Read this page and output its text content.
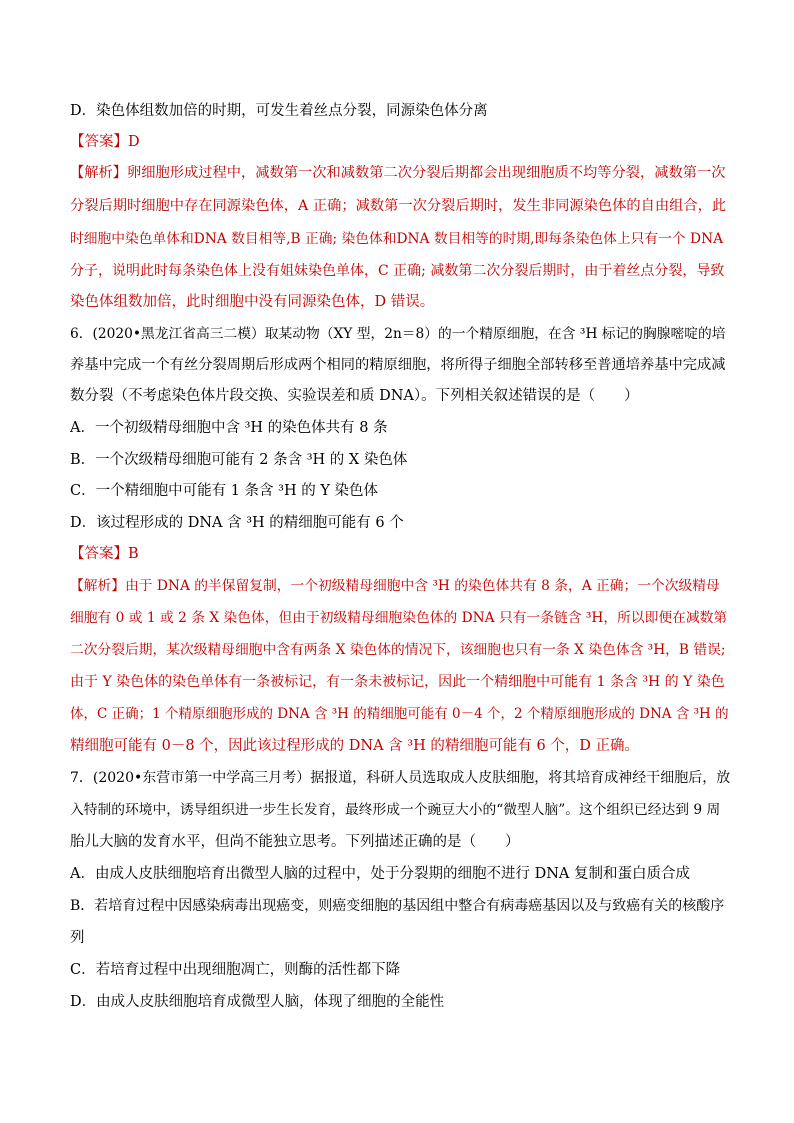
D．染色体组数加倍的时期，可发生着丝点分裂，同源染色体分离
【答案】D
【解析】卵细胞形成过程中，减数第一次和减数第二次分裂后期都会出现细胞质不均等分裂，减数第一次
分裂后期时细胞中存在同源染色体，A 正确；减数第一次分裂后期时，发生非同源染色体的自由组合，此
时细胞中染色单体和DNA 数目相等,B 正确; 染色体和DNA 数目相等的时期,即每条染色体上只有一个 DNA
分子，说明此时每条染色体上没有姐妹染色单体，C 正确; 减数第二次分裂后期时，由于着丝点分裂，导致
染色体组数加倍，此时细胞中没有同源染色体，D 错误。
6．(2020•黑龙江省高三二模）取某动物（XY 型，2n＝8）的一个精原细胞，在含 ³H 标记的胸腺嘧啶的培
养基中完成一个有丝分裂周期后形成两个相同的精原细胞，将所得子细胞全部转移至普通培养基中完成减
数分裂（不考虑染色体片段交换、实验误差和质 DNA）。下列相关叙述错误的是（　　）
A．一个初级精母细胞中含 ³H 的染色体共有 8 条
B．一个次级精母细胞可能有 2 条含 ³H 的 X 染色体
C．一个精细胞中可能有 1 条含 ³H 的 Y 染色体
D．该过程形成的 DNA 含 ³H 的精细胞可能有 6 个
【答案】B
【解析】由于 DNA 的半保留复制，一个初级精母细胞中含 ³H 的染色体共有 8 条，A 正确；一个次级精母
细胞有 0 或 1 或 2 条 X 染色体，但由于初级精母细胞染色体的 DNA 只有一条链含 ³H，所以即便在减数第
二次分裂后期，某次级精母细胞中含有两条 X 染色体的情况下，该细胞也只有一条 X 染色体含 ³H，B 错误;
由于 Y 染色体的染色单体有一条被标记，有一条未被标记，因此一个精细胞中可能有 1 条含 ³H 的 Y 染色
体，C 正确；1 个精原细胞形成的 DNA 含 ³H 的精细胞可能有 0－4 个，2 个精原细胞形成的 DNA 含 ³H 的
精细胞可能有 0－8 个，因此该过程形成的 DNA 含 ³H 的精细胞可能有 6 个，D 正确。
7．(2020•东营市第一中学高三月考）据报道，科研人员选取成人皮肤细胞，将其培育成神经干细胞后，放
入特制的环境中，诱导组织进一步生长发育，最终形成一个豌豆大小的“微型人脑”。这个组织已经达到 9 周
胎儿大脑的发育水平，但尚不能独立思考。下列描述正确的是（　　）
A．由成人皮肤细胞培育出微型人脑的过程中，处于分裂期的细胞不进行 DNA 复制和蛋白质合成
B．若培育过程中因感染病毒出现癌变，则癌变细胞的基因组中整合有病毒癌基因以及与致癌有关的核酸序
列
C．若培育过程中出现细胞凋亡，则酶的活性都下降
D．由成人皮肤细胞培育成微型人脑，体现了细胞的全能性
